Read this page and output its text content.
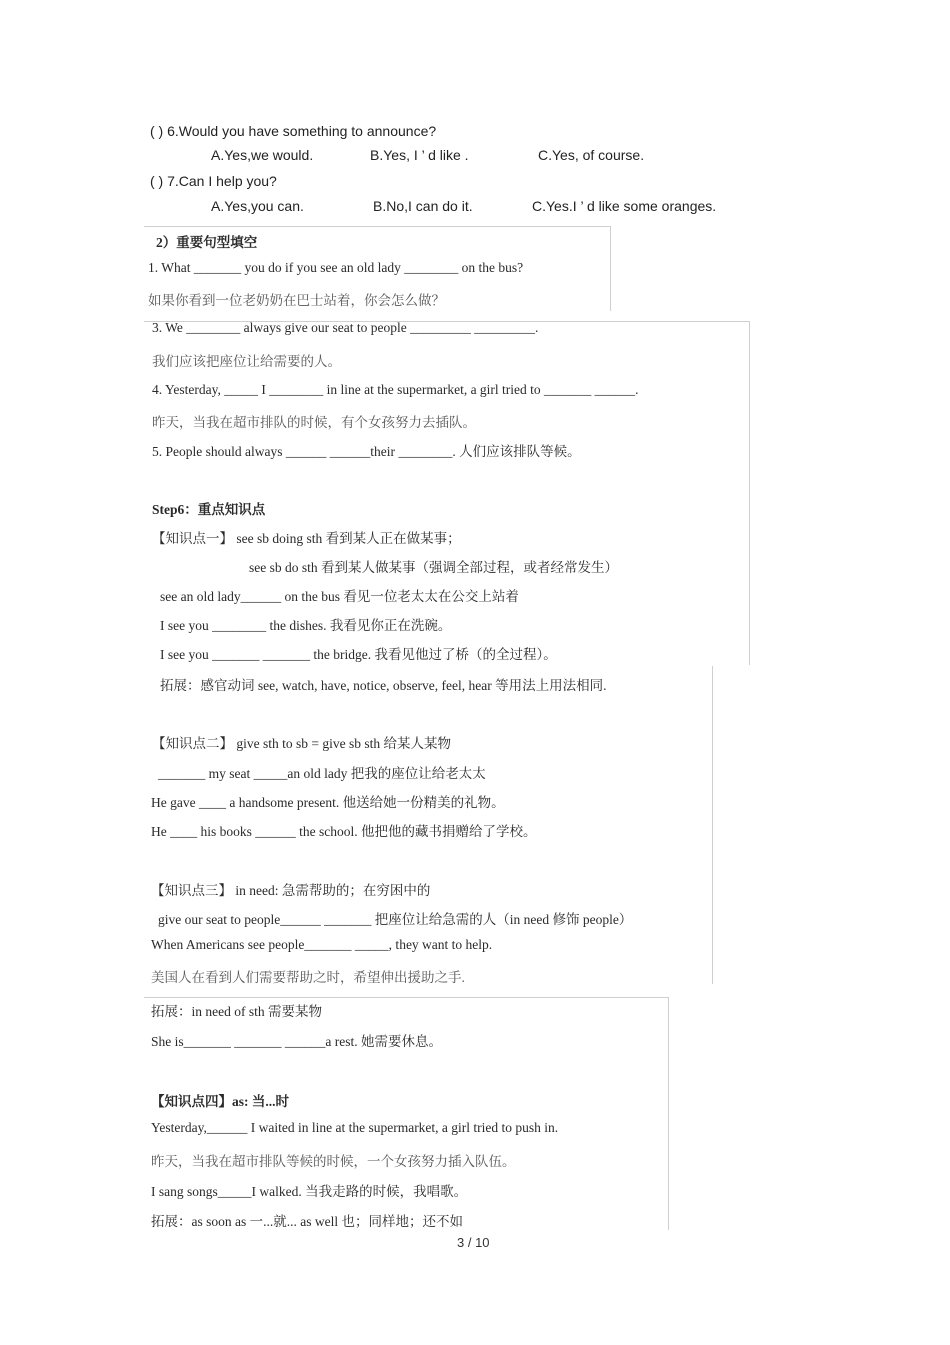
( ) 6.Would you have something to announce?
A.Yes,we would.	B.Yes, I ’ d like .	C.Yes, of course.
( ) 7.Can I help you?
A.Yes,you can.	B.No,I can do it.	C.Yes.I ’ d like some oranges.
2）重要句型填空
1. What _______ you do if you see an old lady ________ on the bus?
如果你看到一位老奶奶在巴士站着，你会怎么做？
3. We ________ always give our seat to people _________ _________.
我们应该把座位让给需要的人。
4. Yesterday, _____ I ________ in line at the supermarket, a girl tried to _______ ______.
昨天，当我在超市排队的时候，有个女孩努力去插队。
5. People should always ______ ______their ________. 人们应该排队等候。
Step6：重点知识点
【知识点一】 see sb doing sth 看到某人正在做某事；
see sb do sth 看到某人做某事（强调全部过程，或者经常发生）
see an old lady______ on the bus 看见一位老太太在公交上站着
I see you ________ the dishes. 我看见你正在洗碗。
I see you _______ _______ the bridge. 我看见他过了桥（的全过程）。
拓展：感官动词 see, watch, have, notice, observe, feel, hear 等用法上用法相同.
【知识点二】 give sth to sb = give sb sth 给某人某物
_______ my seat _____an old lady 把我的座位让给老太太
He gave ____ a handsome present. 他送给她一份精美的礼物。
He ____ his books ______ the school. 他把他的藏书捐赠给了学校。
【知识点三】 in need: 急需帮助的；在穷困中的
give our seat to people______ _______ 把座位让给急需的人（in need 修饰 people）
When Americans see people_______ _____, they want to help.
美国人在看到人们需要帮助之时，希望伸出援助之手.
拓展：in need of sth 需要某物
She is_______ _______ ______a rest. 她需要休息。
【知识点四】as: 当...时
Yesterday,______ I waited in line at the supermarket, a girl tried to push in.
昨天，当我在超市排队等候的时候，一个女孩努力插入队伍。
I sang songs_____I walked. 当我走路的时候，我唱歌。
拓展：as soon as 一...就... as well 也；同样地；还不如
3 / 10
